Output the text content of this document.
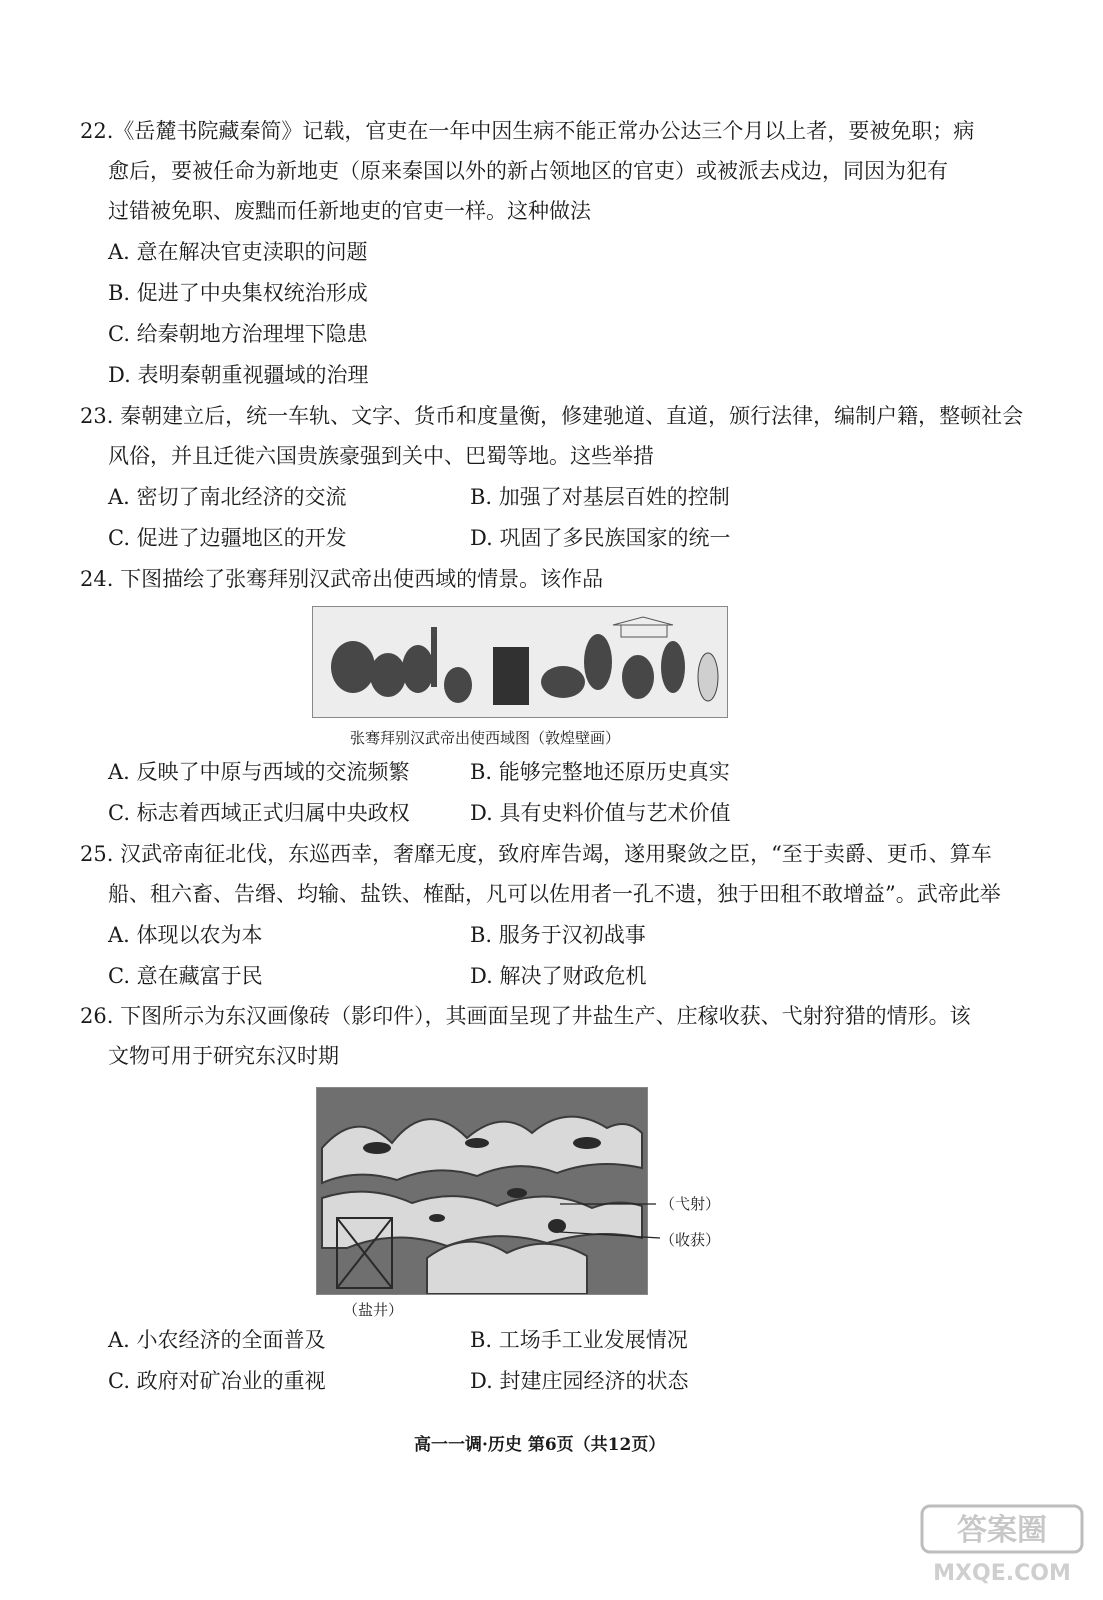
22.《岳麓书院藏秦简》记载，官吏在一年中因生病不能正常办公达三个月以上者，要被免职；病
愈后，要被任命为新地吏（原来秦国以外的新占领地区的官吏）或被派去戍边，同因为犯有
过错被免职、废黜而任新地吏的官吏一样。这种做法
A. 意在解决官吏渎职的问题
B. 促进了中央集权统治形成
C. 给秦朝地方治理埋下隐患
D. 表明秦朝重视疆域的治理
23. 秦朝建立后，统一车轨、文字、货币和度量衡，修建驰道、直道，颁行法律，编制户籍，整顿社会
风俗，并且迁徙六国贵族豪强到关中、巴蜀等地。这些举措
A. 密切了南北经济的交流	B. 加强了对基层百姓的控制
C. 促进了边疆地区的开发	D. 巩固了多民族国家的统一
24. 下图描绘了张骞拜别汉武帝出使西域的情景。该作品
张骞拜别汉武帝出使西域图（敦煌壁画）
A. 反映了中原与西域的交流频繁	B. 能够完整地还原历史真实
C. 标志着西域正式归属中央政权	D. 具有史料价值与艺术价值
25. 汉武帝南征北伐，东巡西幸，奢靡无度，致府库告竭，遂用聚敛之臣，“至于卖爵、更币、算车
船、租六畜、告缗、均输、盐铁、榷酤，凡可以佐用者一孔不遗，独于田租不敢增益”。武帝此举
A. 体现以农为本	B. 服务于汉初战事
C. 意在藏富于民	D. 解决了财政危机
26. 下图所示为东汉画像砖（影印件），其画面呈现了井盐生产、庄稼收获、弋射狩猎的情形。该
文物可用于研究东汉时期
（弋射）
（收获）
（盐井）
A. 小农经济的全面普及	B. 工场手工业发展情况
C. 政府对矿冶业的重视	D. 封建庄园经济的状态
高一一调·历史 第6页（共12页）
答案圈
MXQE.COM
